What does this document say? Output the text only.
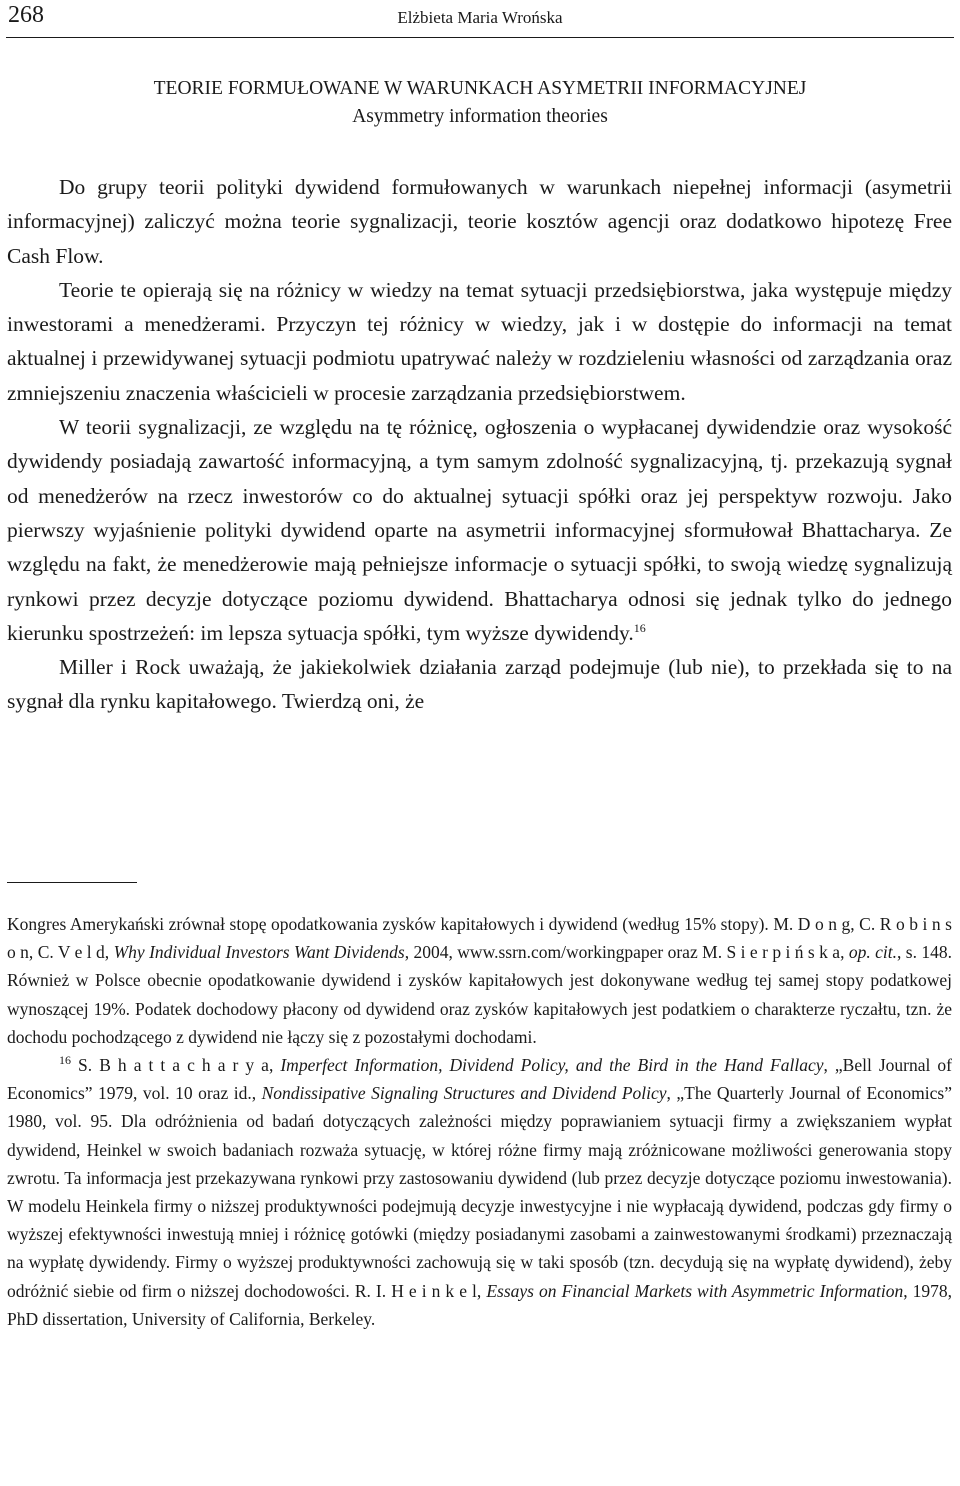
268	Elżbieta Maria Wrońska
TEORIE FORMUŁOWANE W WARUNKACH ASYMETRII INFORMACYJNEJ
Asymmetry information theories

Do grupy teorii polityki dywidend formułowanych w warunkach niepełnej informacji (asymetrii informacyjnej) zaliczyć można teorie sygnalizacji, teorie kosztów agencji oraz dodatkowo hipotezę Free Cash Flow.

Teorie te opierają się na różnicy w wiedzy na temat sytuacji przedsiębiorstwa, jaka występuje między inwestorami a menedżerami. Przyczyn tej różnicy w wiedzy, jak i w dostępie do informacji na temat aktualnej i przewidywanej sytuacji podmiotu upatrywać należy w rozdzieleniu własności od zarządzania oraz zmniejszeniu znaczenia właścicieli w procesie zarządzania przedsiębiorstwem.

W teorii sygnalizacji, ze względu na tę różnicę, ogłoszenia o wypłacanej dywidendzie oraz wysokość dywidendy posiadają zawartość informacyjną, a tym samym zdolność sygnalizacyjną, tj. przekazują sygnał od menedżerów na rzecz inwestorów co do aktualnej sytuacji spółki oraz jej perspektyw rozwoju. Jako pierwszy wyjaśnienie polityki dywidend oparte na asymetrii informacyjnej sformułował Bhattacharya. Ze względu na fakt, że menedżerowie mają pełniejsze informacje o sytuacji spółki, to swoją wiedzę sygnalizują rynkowi przez decyzje dotyczące poziomu dywidend. Bhattacharya odnosi się jednak tylko do jednego kierunku spostrzeżeń: im lepsza sytuacja spółki, tym wyższe dywidendy.$^{16}$

Miller i Rock uważają, że jakiekolwiek działania zarząd podejmuje (lub nie), to przekłada się to na sygnał dla rynku kapitałowego. Twierdzą oni, że

Kongres Amerykański zrównał stopę opodatkowania zysków kapitałowych i dywidend (według 15% stopy). M. D o n g, C. R o b i n s o n, C. V e l d, Why Individual Investors Want Dividends, 2004, www.ssrn.com/workingpaper oraz M. S i e r p i ń s k a, op. cit., s. 148. Również w Polsce obecnie opodatkowanie dywidend i zysków kapitałowych jest dokonywane według tej samej stopy podatkowej wynoszącej 19%. Podatek dochodowy płacony od dywidend oraz zysków kapitałowych jest podatkiem o charakterze ryczałtu, tzn. że dochodu pochodzącego z dywidend nie łączy się z pozostałymi dochodami.

$^{16}$ S. B h a t t a c h a r y a, Imperfect Information, Dividend Policy, and the Bird in the Hand Fallacy, „Bell Journal of Economics” 1979, vol. 10 oraz id., Nondissipative Signaling Structures and Dividend Policy, „The Quarterly Journal of Economics” 1980, vol. 95. Dla odróżnienia od badań dotyczących zależności między poprawianiem sytuacji firmy a zwiększaniem wypłat dywidend, Heinkel w swoich badaniach rozważa sytuację, w której różne firmy mają zróżnicowane możliwości generowania stopy zwrotu. Ta informacja jest przekazywana rynkowi przy zastosowaniu dywidend (lub przez decyzje dotyczące poziomu inwestowania). W modelu Heinkela firmy o niższej produktywności podejmują decyzje inwestycyjne i nie wypłacają dywidend, podczas gdy firmy o wyższej efektywności inwestują mniej i różnicę gotówki (między posiadanymi zasobami a zainwestowanymi środkami) przeznaczają na wypłatę dywidendy. Firmy o wyższej produktywności zachowują się w taki sposób (tzn. decydują się na wypłatę dywidend), żeby odróżnić siebie od firm o niższej dochodowości. R. I. H e i n k e l, Essays on Financial Markets with Asymmetric Information, 1978, PhD dissertation, University of California, Berkeley.
